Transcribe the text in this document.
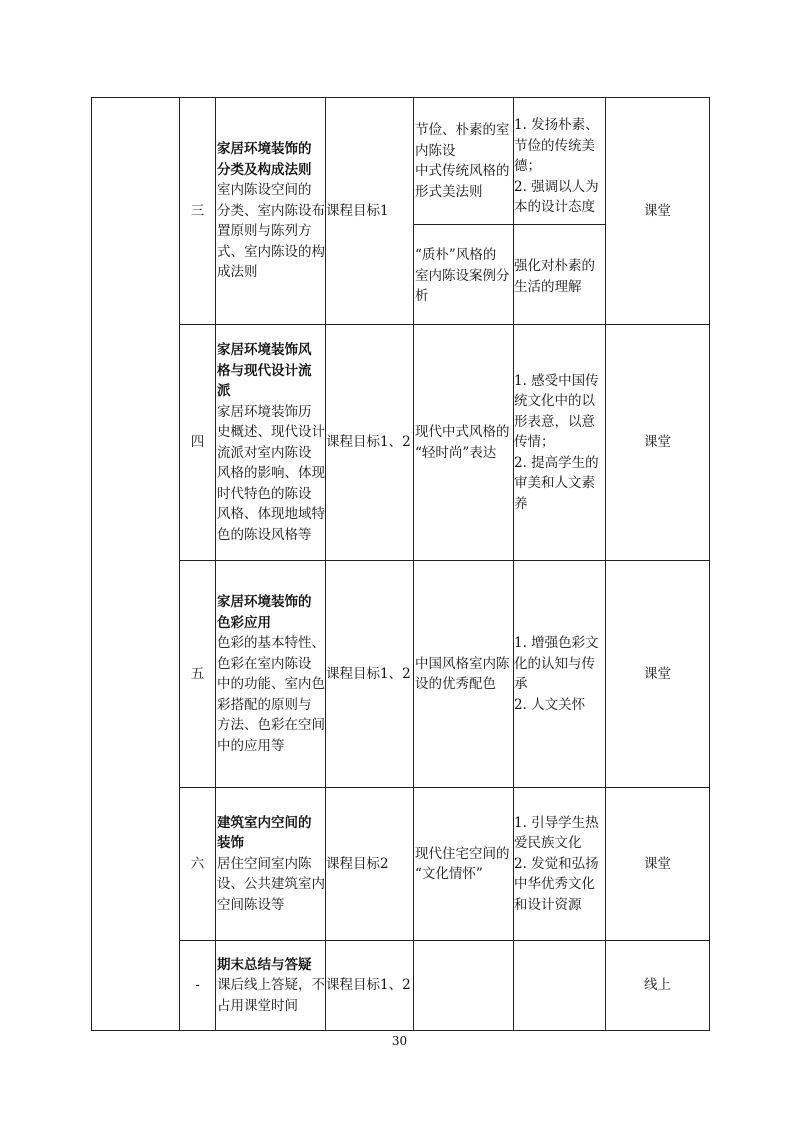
三
家居环境装饰的
分类及构成法则
室内陈设空间的
分类、室内陈设布
置原则与陈列方
式、室内陈设的构
成法则
课程目标1
节俭、朴素的室
内陈设
中式传统风格的
形式美法则
1. 发扬朴素、
节俭的传统美
德；
2. 强调以人为
本的设计态度
“质朴”风格的
室内陈设案例分
析
强化对朴素的
生活的理解
课堂
四
家居环境装饰风
格与现代设计流
派
家居环境装饰历
史概述、现代设计
流派对室内陈设
风格的影响、体现
时代特色的陈设
风格、体现地域特
色的陈设风格等
课程目标1、2
现代中式风格的
“轻时尚”表达
1. 感受中国传
统文化中的以
形表意，以意
传情；
2. 提高学生的
审美和人文素
养
课堂
五
家居环境装饰的
色彩应用
色彩的基本特性、
色彩在室内陈设
中的功能、室内色
彩搭配的原则与
方法、色彩在空间
中的应用等
课程目标1、2
中国风格室内陈
设的优秀配色
1. 增强色彩文
化的认知与传
承
2. 人文关怀
课堂
六
建筑室内空间的
装饰
居住空间室内陈
设、公共建筑室内
空间陈设等
课程目标2
现代住宅空间的
“文化情怀”
1. 引导学生热
爱民族文化
2. 发觉和弘扬
中华优秀文化
和设计资源
课堂
-
期末总结与答疑
课后线上答疑，不
占用课堂时间
课程目标1、2	线上
30
